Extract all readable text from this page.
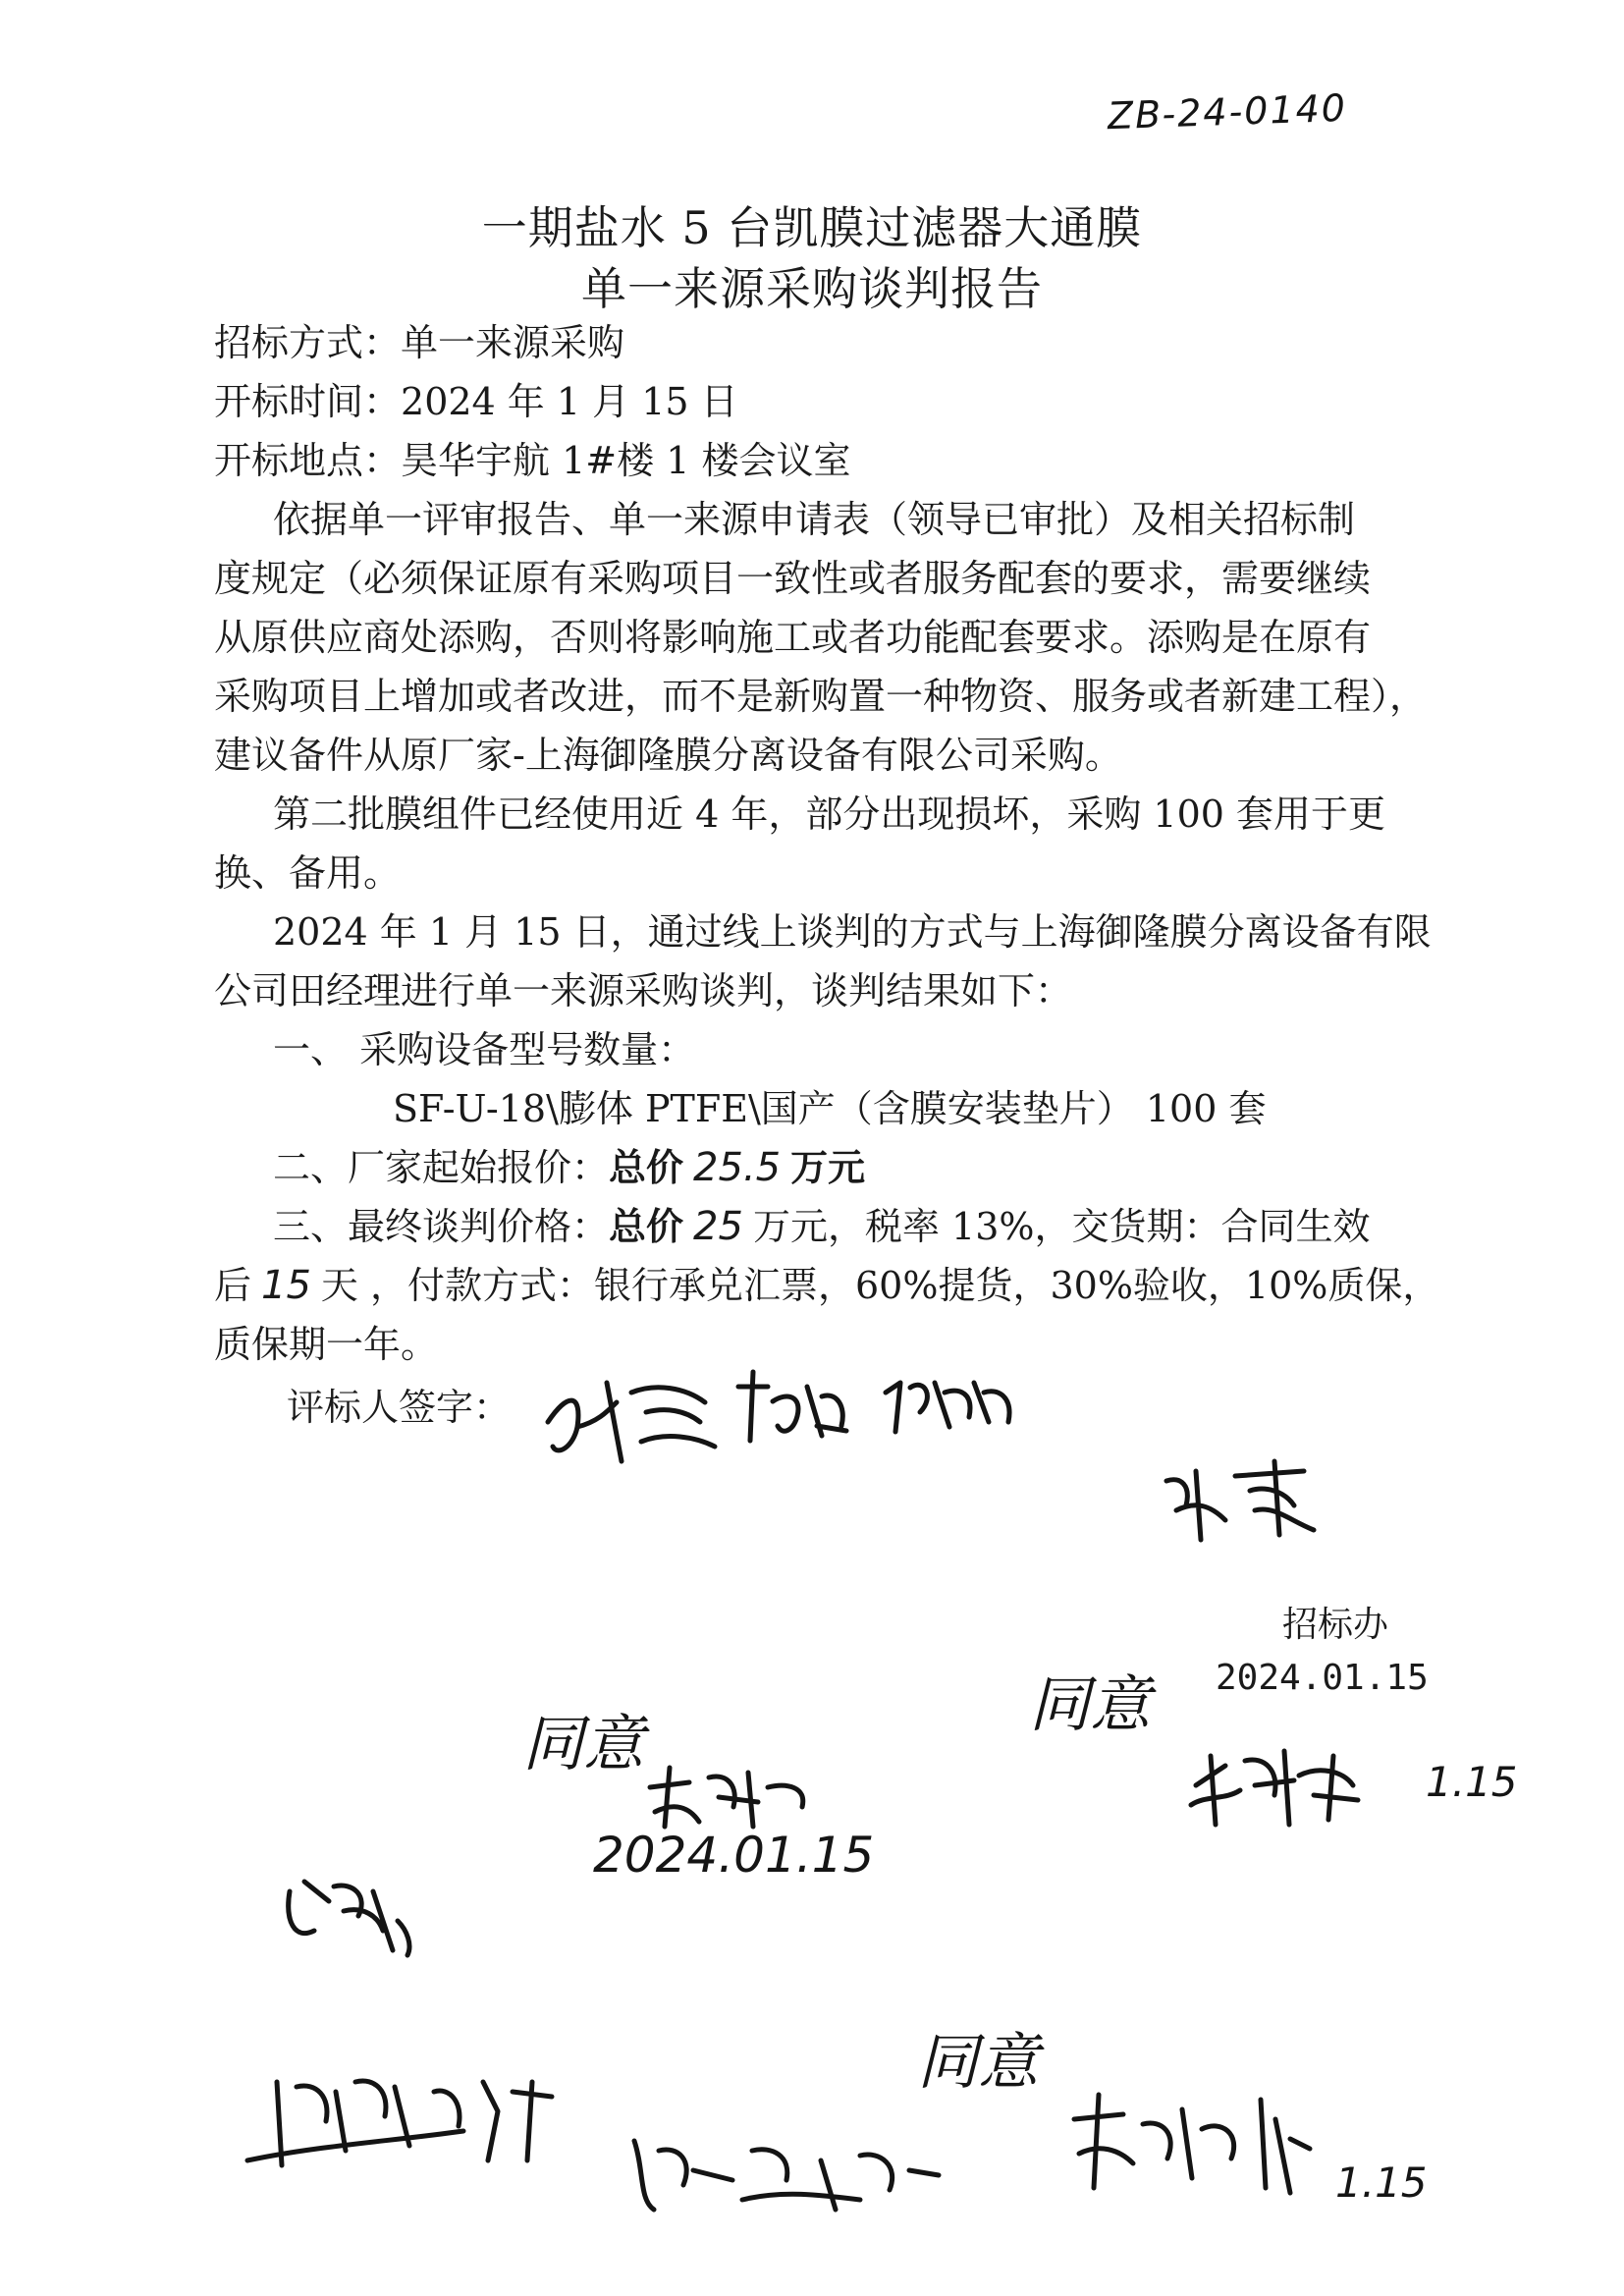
ZB-24-0140
一期盐水 5 台凯膜过滤器大通膜
单一来源采购谈判报告
招标方式：单一来源采购
开标时间：2024 年 1 月 15 日
开标地点：昊华宇航 1#楼 1 楼会议室
依据单一评审报告、单一来源申请表（领导已审批）及相关招标制
度规定（必须保证原有采购项目一致性或者服务配套的要求，需要继续
从原供应商处添购，否则将影响施工或者功能配套要求。添购是在原有
采购项目上增加或者改进，而不是新购置一种物资、服务或者新建工程），
建议备件从原厂家-上海御隆膜分离设备有限公司采购。
第二批膜组件已经使用近 4 年，部分出现损坏，采购 100 套用于更
换、备用。
2024 年 1 月 15 日，通过线上谈判的方式与上海御隆膜分离设备有限
公司田经理进行单一来源采购谈判，谈判结果如下：
一、 采购设备型号数量：
SF-U-18\膨体 PTFE\国产（含膜安装垫片） 100 套
二、厂家起始报价：总价 25.5 万元
三、最终谈判价格：总价 25 万元，税率 13%，交货期：合同生效
后 15 天 ，付款方式：银行承兑汇票，60%提货，30%验收，10%质保，
质保期一年。
评标人签字：
招标办
2024.01.15
同意
2024.01.15
同意
1.15
同意
1.15
